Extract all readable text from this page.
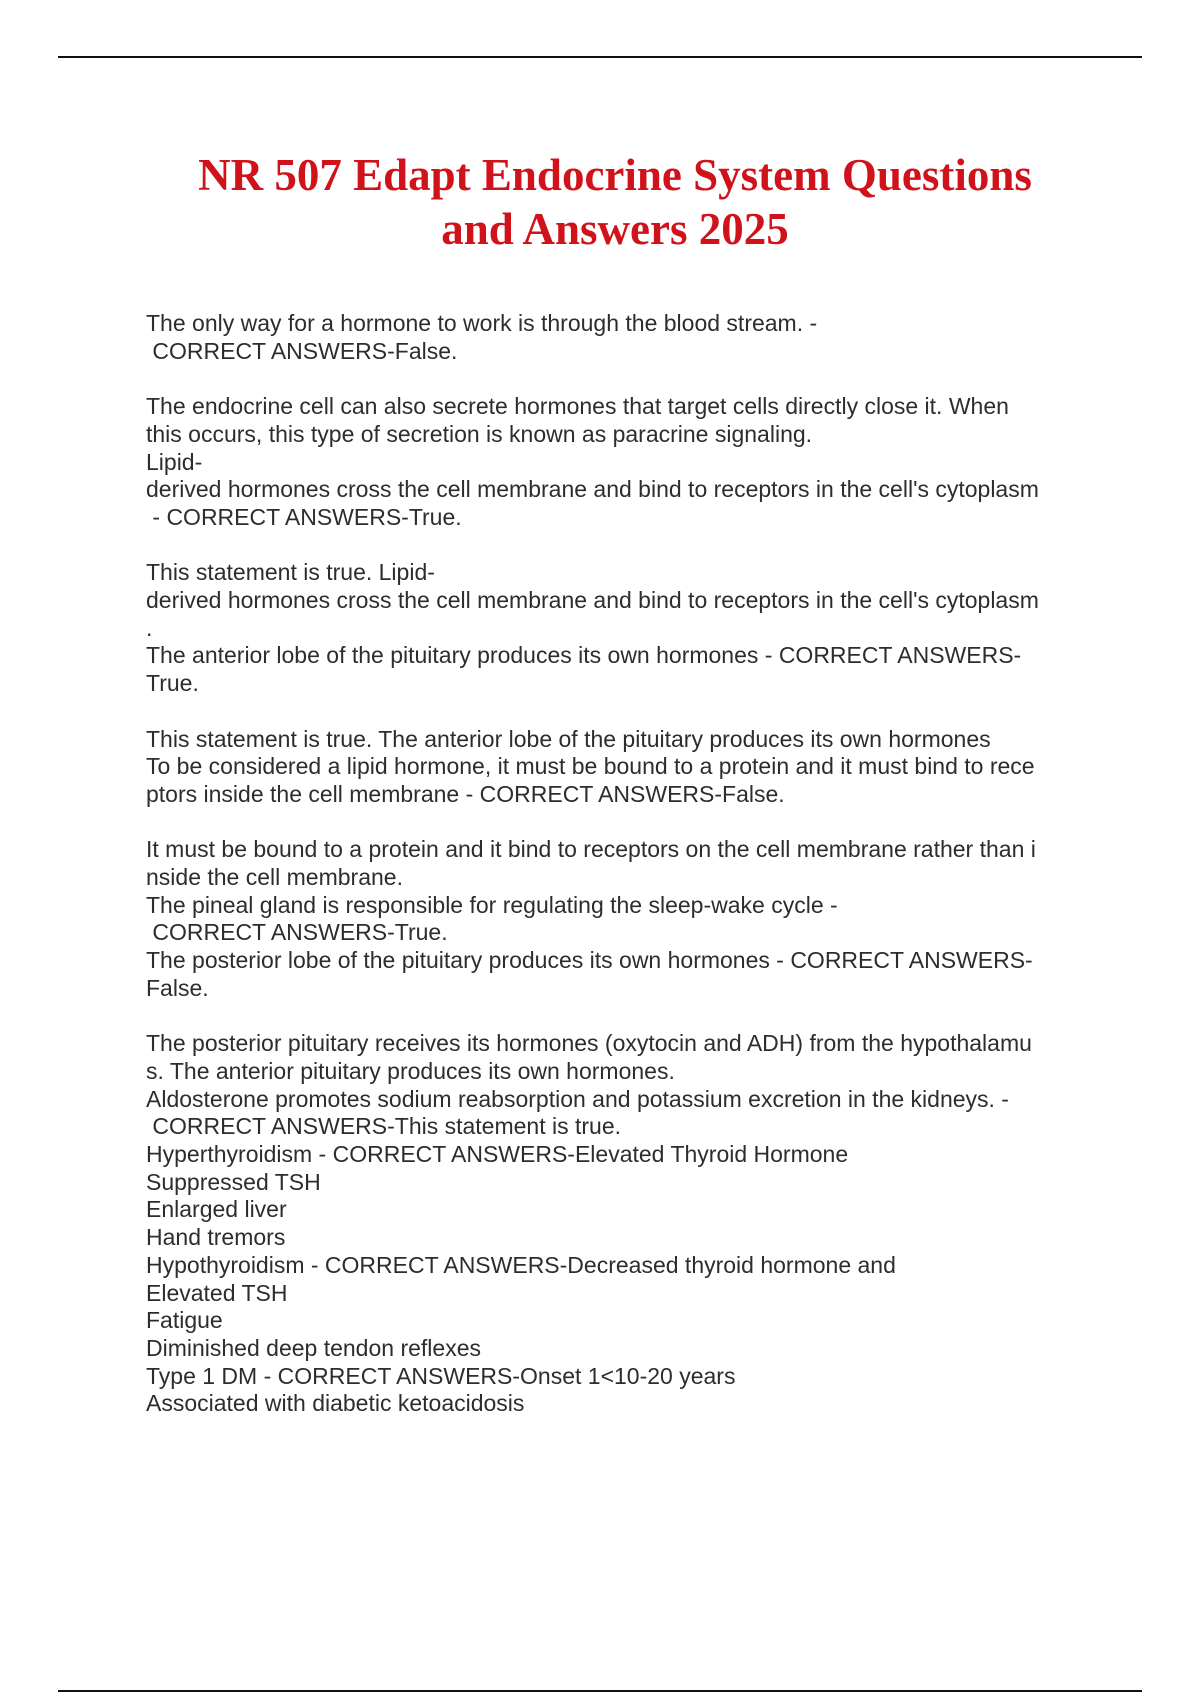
NR 507 Edapt Endocrine System Questions
and Answers 2025
The only way for a hormone to work is through the blood stream. -
CORRECT ANSWERS-False.
The endocrine cell can also secrete hormones that target cells directly close it. When
this occurs, this type of secretion is known as paracrine signaling.
Lipid-
derived hormones cross the cell membrane and bind to receptors in the cell's cytoplasm
- CORRECT ANSWERS-True.
This statement is true. Lipid-
derived hormones cross the cell membrane and bind to receptors in the cell's cytoplasm
.
The anterior lobe of the pituitary produces its own hormones - CORRECT ANSWERS-
True.
This statement is true. The anterior lobe of the pituitary produces its own hormones
To be considered a lipid hormone, it must be bound to a protein and it must bind to rece
ptors inside the cell membrane - CORRECT ANSWERS-False.
It must be bound to a protein and it bind to receptors on the cell membrane rather than i
nside the cell membrane.
The pineal gland is responsible for regulating the sleep-wake cycle -
CORRECT ANSWERS-True.
The posterior lobe of the pituitary produces its own hormones - CORRECT ANSWERS-
False.
The posterior pituitary receives its hormones (oxytocin and ADH) from the hypothalamu
s. The anterior pituitary produces its own hormones.
Aldosterone promotes sodium reabsorption and potassium excretion in the kidneys. -
CORRECT ANSWERS-This statement is true.
Hyperthyroidism - CORRECT ANSWERS-Elevated Thyroid Hormone
Suppressed TSH
Enlarged liver
Hand tremors
Hypothyroidism - CORRECT ANSWERS-Decreased thyroid hormone and
Elevated TSH
Fatigue
Diminished deep tendon reflexes
Type 1 DM - CORRECT ANSWERS-Onset 1<10-20 years
Associated with diabetic ketoacidosis
